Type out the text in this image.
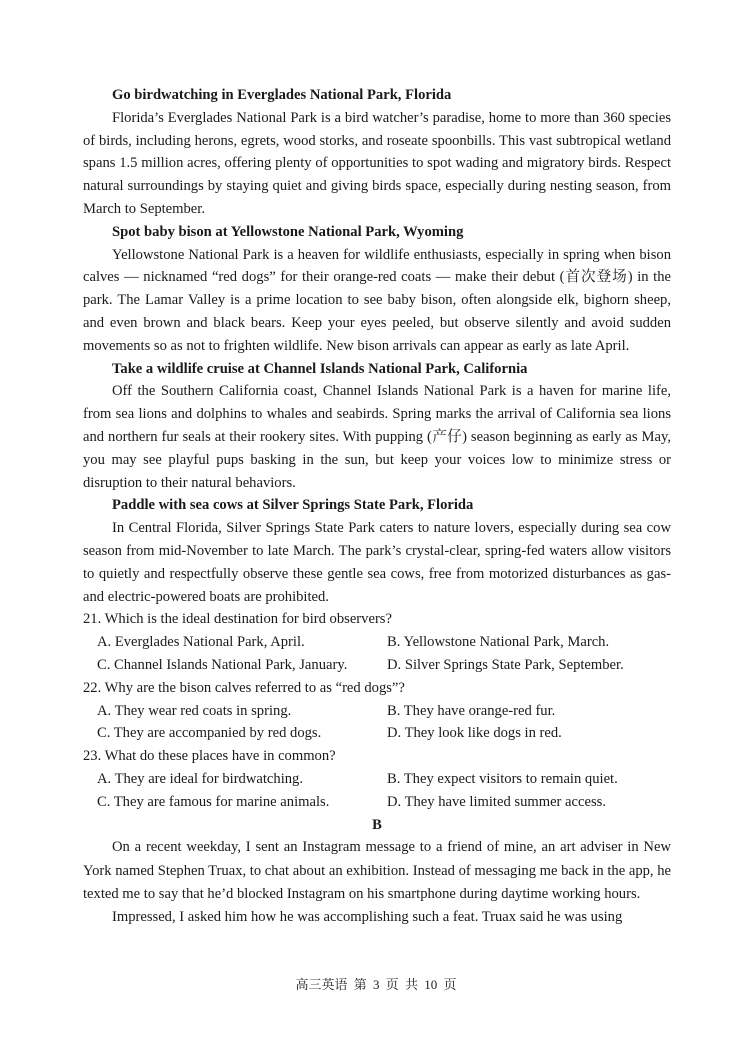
Go birdwatching in Everglades National Park, Florida

Florida’s Everglades National Park is a bird watcher’s paradise, home to more than 360 species of birds, including herons, egrets, wood storks, and roseate spoonbills. This vast subtropical wetland spans 1.5 million acres, offering plenty of opportunities to spot wading and migratory birds. Respect natural surroundings by staying quiet and giving birds space, especially during nesting season, from March to September.

Spot baby bison at Yellowstone National Park, Wyoming

Yellowstone National Park is a heaven for wildlife enthusiasts, especially in spring when bison calves — nicknamed “red dogs” for their orange-red coats — make their debut (首次登场) in the park. The Lamar Valley is a prime location to see baby bison, often alongside elk, bighorn sheep, and even brown and black bears. Keep your eyes peeled, but observe silently and avoid sudden movements so as not to frighten wildlife. New bison arrivals can appear as early as late April.

Take a wildlife cruise at Channel Islands National Park, California

Off the Southern California coast, Channel Islands National Park is a haven for marine life, from sea lions and dolphins to whales and seabirds. Spring marks the arrival of California sea lions and northern fur seals at their rookery sites. With pupping (产仔) season beginning as early as May, you may see playful pups basking in the sun, but keep your voices low to minimize stress or disruption to their natural behaviors.

Paddle with sea cows at Silver Springs State Park, Florida

In Central Florida, Silver Springs State Park caters to nature lovers, especially during sea cow season from mid-November to late March. The park’s crystal-clear, spring-fed waters allow visitors to quietly and respectfully observe these gentle sea cows, free from motorized disturbances as gas- and electric-powered boats are prohibited.

21. Which is the ideal destination for bird observers?

A. Everglades National Park, April.	B. Yellowstone National Park, March.

C. Channel Islands National Park, January.	D. Silver Springs State Park, September.

22. Why are the bison calves referred to as “red dogs”?

A. They wear red coats in spring.	B. They have orange-red fur.

C. They are accompanied by red dogs.	D. They look like dogs in red.

23. What do these places have in common?

A. They are ideal for birdwatching.	B. They expect visitors to remain quiet.

C. They are famous for marine animals.	D. They have limited summer access.

B

On a recent weekday, I sent an Instagram message to a friend of mine, an art adviser in New York named Stephen Truax, to chat about an exhibition. Instead of messaging me back in the app, he texted me to say that he’d blocked Instagram on his smartphone during daytime working hours.

Impressed, I asked him how he was accomplishing such a feat. Truax said he was using

高三英语 第 3 页 共 10 页
